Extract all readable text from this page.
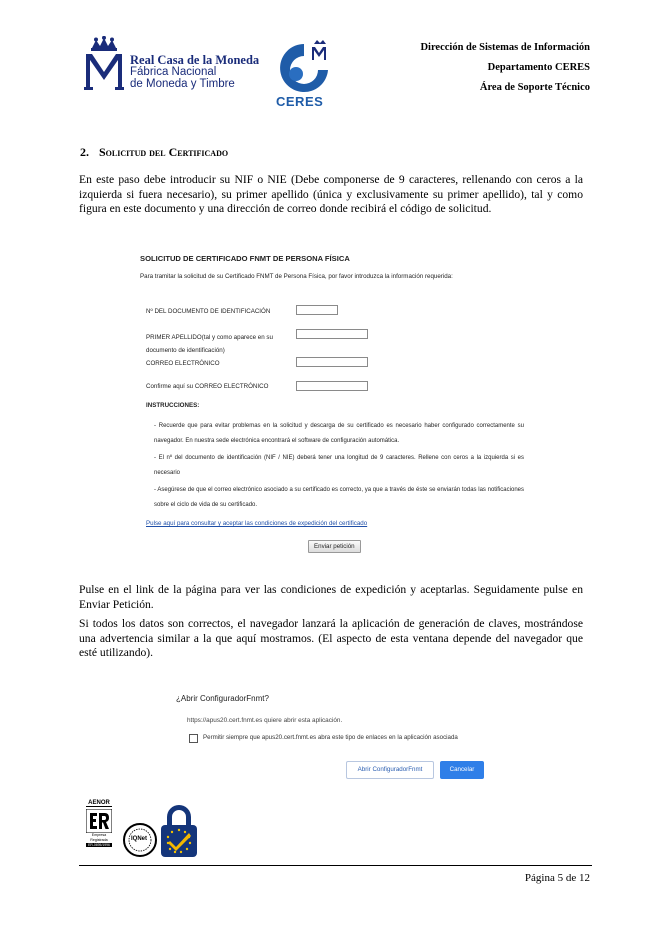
Real Casa de la Moneda
Fábrica Nacional
de Moneda y Timbre
CERES
Dirección de Sistemas de Información
Departamento CERES
Área de Soporte Técnico
2. Solicitud del Certificado
En este paso debe introducir su NIF o NIE (Debe componerse de 9 caracteres, rellenando con ceros a la izquierda si fuera necesario), su primer apellido (única y exclusivamente su primer apellido), tal y como figura en este documento y una dirección de correo donde recibirá el código de solicitud.
SOLICITUD DE CERTIFICADO FNMT DE PERSONA FÍSICA
Para tramitar la solicitud de su Certificado FNMT de Persona Física, por favor introduzca la información requerida:
Nº DEL DOCUMENTO DE IDENTIFICACIÓN
PRIMER APELLIDO(tal y como aparece en su
documento de identificación)
CORREO ELECTRÓNICO
Confirme aquí su CORREO ELECTRÓNICO
INSTRUCCIONES:
- Recuerde que para evitar problemas en la solicitud y descarga de su certificado es necesario haber configurado correctamente su navegador. En nuestra sede electrónica encontrará el software de configuración automática.
- El nº del documento de identificación (NIF / NIE) deberá tener una longitud de 9 caracteres. Rellene con ceros a la izquierda si es necesario
- Asegúrese de que el correo electrónico asociado a su certificado es correcto, ya que a través de éste se enviarán todas las notificaciones sobre el ciclo de vida de su certificado.
Pulse aquí para consultar y aceptar las condiciones de expedición del certificado
Enviar petición
Pulse en el link de la página para ver las condiciones de expedición y aceptarlas. Seguidamente pulse en Enviar Petición.
Si todos los datos son correctos, el navegador lanzará la aplicación de generación de claves, mostrándose una advertencia similar a la que aquí mostramos. (El aspecto de esta ventana depende del navegador que esté utilizando).
¿Abrir ConfiguradorFnmt?
https://apus20.cert.fnmt.es quiere abrir esta aplicación.
Permitir siempre que apus20.cert.fnmt.es abra este tipo de enlaces en la aplicación asociada
Abrir ConfiguradorFnmt	Cancelar
AENOR
Empresa Registrada
ER-0695/1996
IQNet
Página 5 de 12
